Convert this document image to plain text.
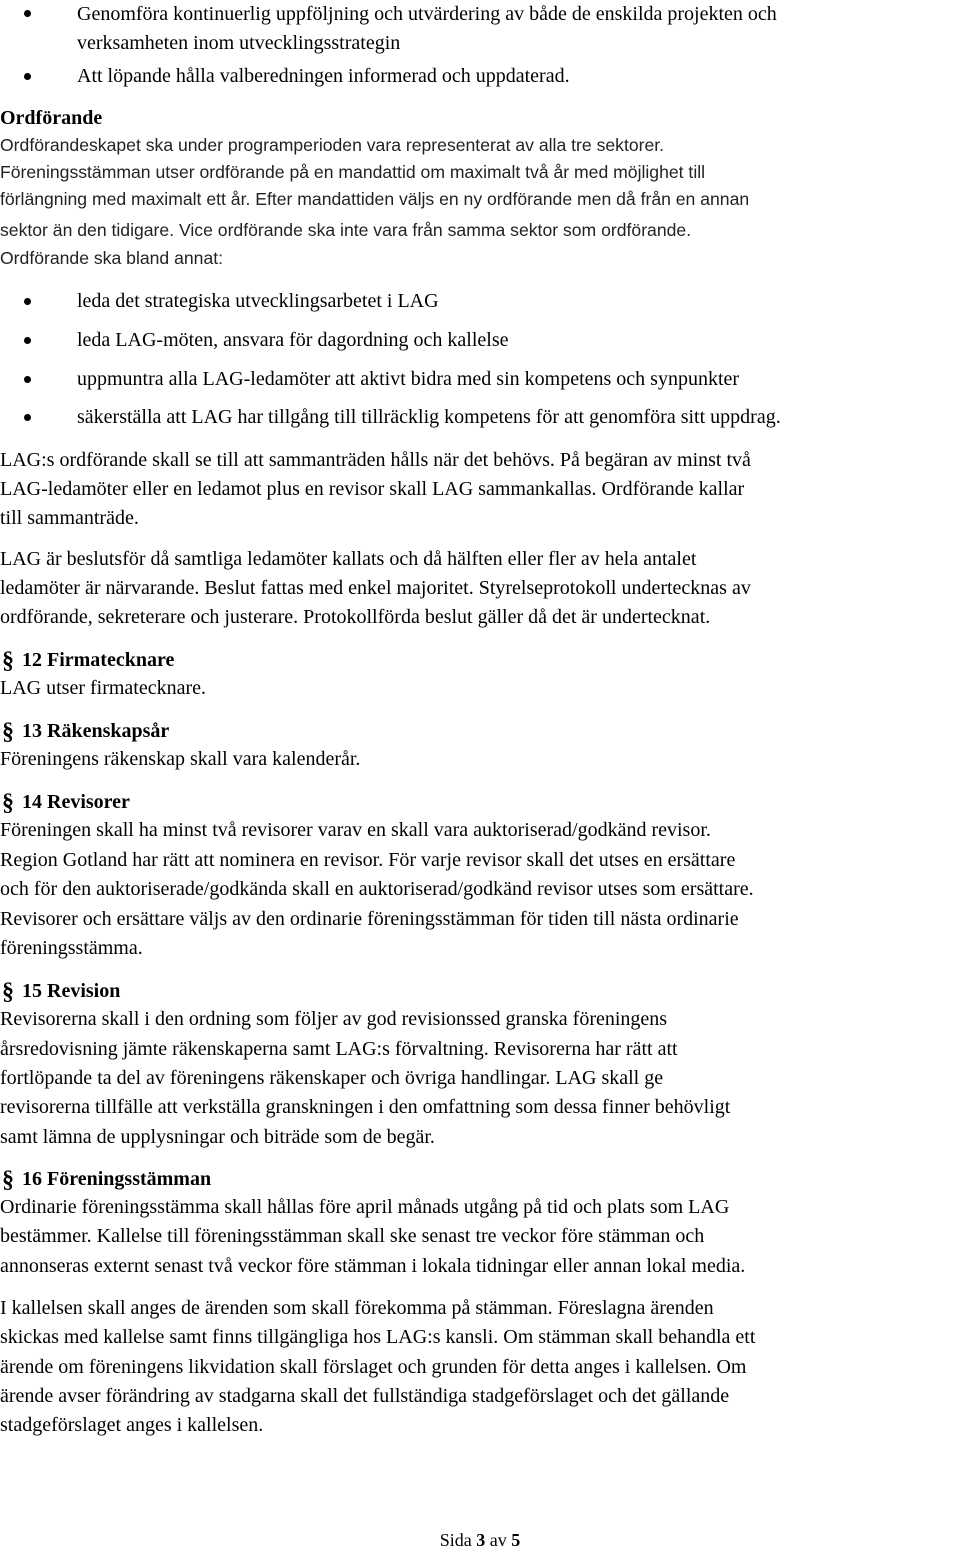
Genomföra kontinuerlig uppföljning och utvärdering av både de enskilda projekten och
verksamheten inom utvecklingsstrategin
Att löpande hålla valberedningen informerad och uppdaterad.
Ordförande
Ordförandeskapet ska under programperioden vara representerat av alla tre sektorer.
Föreningsstämman utser ordförande på en mandattid om maximalt två år med möjlighet till
förlängning med maximalt ett år. Efter mandattiden väljs en ny ordförande men då från en annan
sektor än den tidigare. Vice ordförande ska inte vara från samma sektor som ordförande.
Ordförande ska bland annat:
leda det strategiska utvecklingsarbetet i LAG
leda LAG-möten, ansvara för dagordning och kallelse
uppmuntra alla LAG-ledamöter att aktivt bidra med sin kompetens och synpunkter
säkerställa att LAG har tillgång till tillräcklig kompetens för att genomföra sitt uppdrag.
LAG:s ordförande skall se till att sammanträden hålls när det behövs. På begäran av minst två
LAG-ledamöter eller en ledamot plus en revisor skall LAG sammankallas. Ordförande kallar
till sammanträde.
LAG är beslutsför då samtliga ledamöter kallats och då hälften eller fler av hela antalet
ledamöter är närvarande. Beslut fattas med enkel majoritet. Styrelseprotokoll undertecknas av
ordförande, sekreterare och justerare. Protokollförda beslut gäller då det är undertecknat.
§ 12 Firmatecknare
LAG utser firmatecknare.
§ 13 Räkenskapsår
Föreningens räkenskap skall vara kalenderår.
§ 14 Revisorer
Föreningen skall ha minst två revisorer varav en skall vara auktoriserad/godkänd revisor.
Region Gotland har rätt att nominera en revisor. För varje revisor skall det utses en ersättare
och för den auktoriserade/godkända skall en auktoriserad/godkänd revisor utses som ersättare.
Revisorer och ersättare väljs av den ordinarie föreningsstämman för tiden till nästa ordinarie
föreningsstämma.
§ 15 Revision
Revisorerna skall i den ordning som följer av god revisionssed granska föreningens
årsredovisning jämte räkenskaperna samt LAG:s förvaltning. Revisorerna har rätt att
fortlöpande ta del av föreningens räkenskaper och övriga handlingar. LAG skall ge
revisorerna tillfälle att verkställa granskningen i den omfattning som dessa finner behövligt
samt lämna de upplysningar och biträde som de begär.
§ 16 Föreningsstämman
Ordinarie föreningsstämma skall hållas före april månads utgång på tid och plats som LAG
bestämmer. Kallelse till föreningsstämman skall ske senast tre veckor före stämman och
annonseras externt senast två veckor före stämman i lokala tidningar eller annan lokal media.
I kallelsen skall anges de ärenden som skall förekomma på stämman. Föreslagna ärenden
skickas med kallelse samt finns tillgängliga hos LAG:s kansli. Om stämman skall behandla ett
ärende om föreningens likvidation skall förslaget och grunden för detta anges i kallelsen. Om
ärende avser förändring av stadgarna skall det fullständiga stadgeförslaget och det gällande
stadgeförslaget anges i kallelsen.
Sida 3 av 5
